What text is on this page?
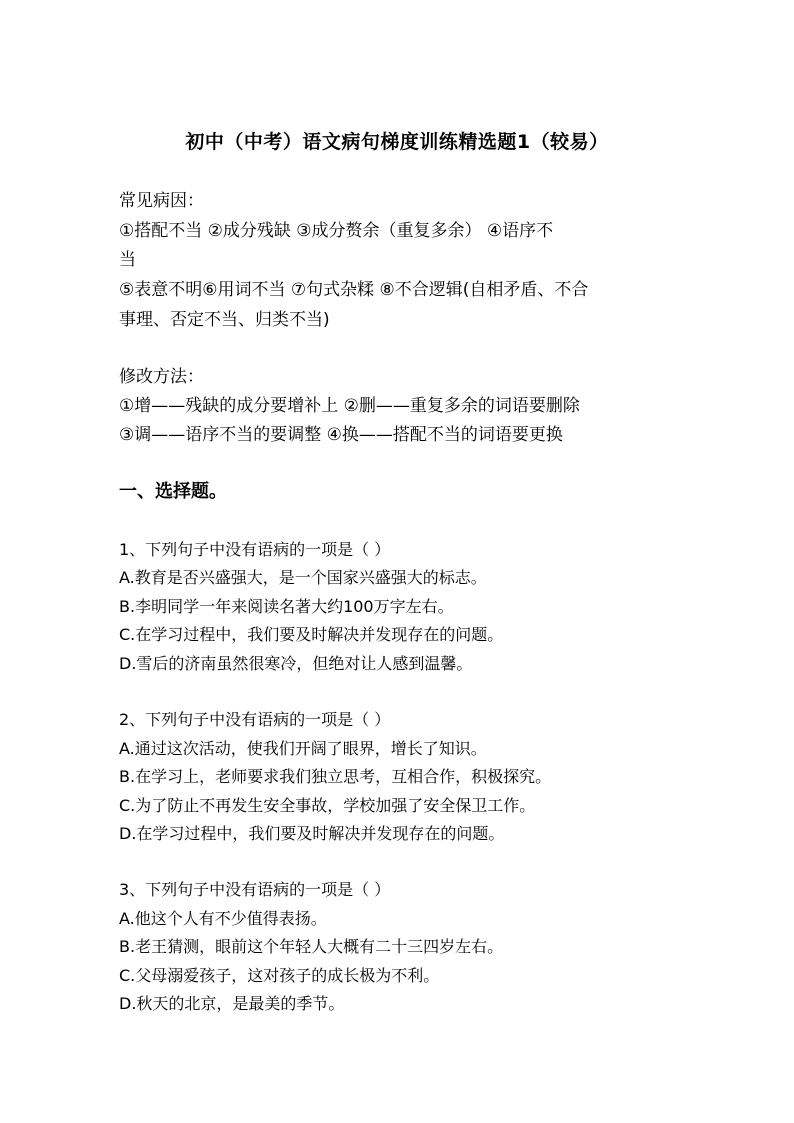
初中（中考）语文病句梯度训练精选题1（较易）
常见病因：
①搭配不当 ②成分残缺 ③成分赘余（重复多余） ④语序不
当
⑤表意不明⑥用词不当 ⑦句式杂糅 ⑧不合逻辑(自相矛盾、不合
事理、否定不当、归类不当)
修改方法：
①增——残缺的成分要增补上 ②删——重复多余的词语要删除
③调——语序不当的要调整 ④换——搭配不当的词语要更换
一、选择题。
1、下列句子中没有语病的一项是（ ）
A.教育是否兴盛强大，是一个国家兴盛强大的标志。
B.李明同学一年来阅读名著大约100万字左右。
C.在学习过程中，我们要及时解决并发现存在的问题。
D.雪后的济南虽然很寒冷，但绝对让人感到温馨。
2、下列句子中没有语病的一项是（ ）
A.通过这次活动，使我们开阔了眼界，增长了知识。
B.在学习上，老师要求我们独立思考，互相合作，积极探究。
C.为了防止不再发生安全事故，学校加强了安全保卫工作。
D.在学习过程中，我们要及时解决并发现存在的问题。
3、下列句子中没有语病的一项是（ ）
A.他这个人有不少值得表扬。
B.老王猜测，眼前这个年轻人大概有二十三四岁左右。
C.父母溺爱孩子，这对孩子的成长极为不利。
D.秋天的北京，是最美的季节。
